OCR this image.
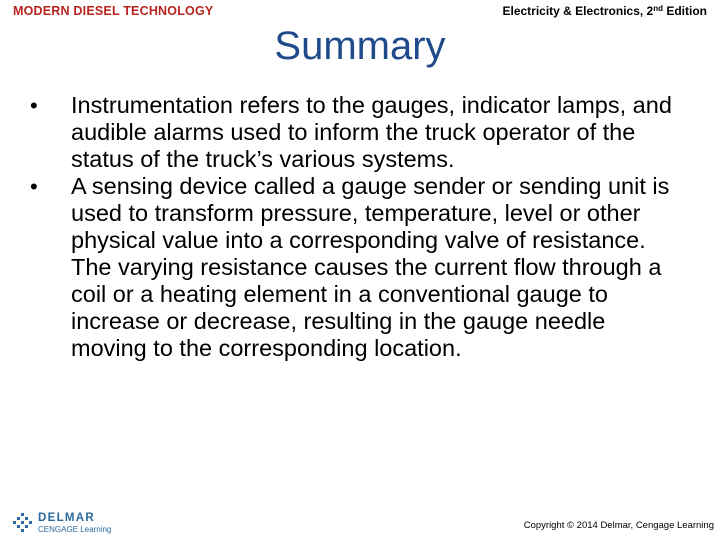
MODERN DIESEL TECHNOLOGY	Electricity & Electronics, 2nd Edition
Summary
•	Instrumentation refers to the gauges, indicator lamps, and audible alarms used to inform the truck operator of the status of the truck’s various systems.
•	A sensing device called a gauge sender or sending unit is used to transform pressure, temperature, level or other physical value into a corresponding valve of resistance. The varying resistance causes the current flow through a coil or a heating element in a conventional gauge to increase or decrease, resulting in the gauge needle moving to the corresponding location.
DELMAR
CENGAGE Learning	Copyright © 2014 Delmar, Cengage Learning
